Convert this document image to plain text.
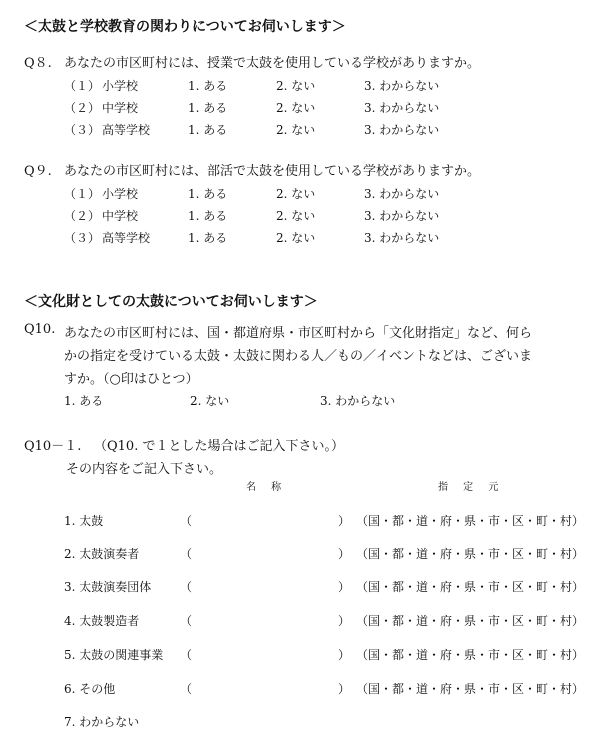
＜太鼓と学校教育の関わりについてお伺いします＞
Q８. あなたの市区町村には、授業で太鼓を使用している学校がありますか。
（１） 小学校	1. ある	2. ない	3. わからない
（２） 中学校	1. ある	2. ない	3. わからない
（３） 高等学校	1. ある	2. ない	3. わからない
Q９. あなたの市区町村には、部活で太鼓を使用している学校がありますか。
（１） 小学校	1. ある	2. ない	3. わからない
（２） 中学校	1. ある	2. ない	3. わからない
（３） 高等学校	1. ある	2. ない	3. わからない
＜文化財としての太鼓についてお伺いします＞
Q10. あなたの市区町村には、国・都道府県・市区町村から「文化財指定」など、何ら
かの指定を受けている太鼓・太鼓に関わる人／もの／イベントなどは、ございま
すか。（○印はひとつ）
1. ある	2. ない	3. わからない
Q10－１. （Q10. で１とした場合はご記入下さい。）
その内容をご記入下さい。
名 称	指 定 元
1. 太鼓	（	） （国・都・道・府・県・市・区・町・村）
2. 太鼓演奏者	（	） （国・都・道・府・県・市・区・町・村）
3. 太鼓演奏団体 （	） （国・都・道・府・県・市・区・町・村）
4. 太鼓製造者	（	） （国・都・道・府・県・市・区・町・村）
5. 太鼓の関連事業 （	） （国・都・道・府・県・市・区・町・村）
6. その他	（	） （国・都・道・府・県・市・区・町・村）
7. わからない
